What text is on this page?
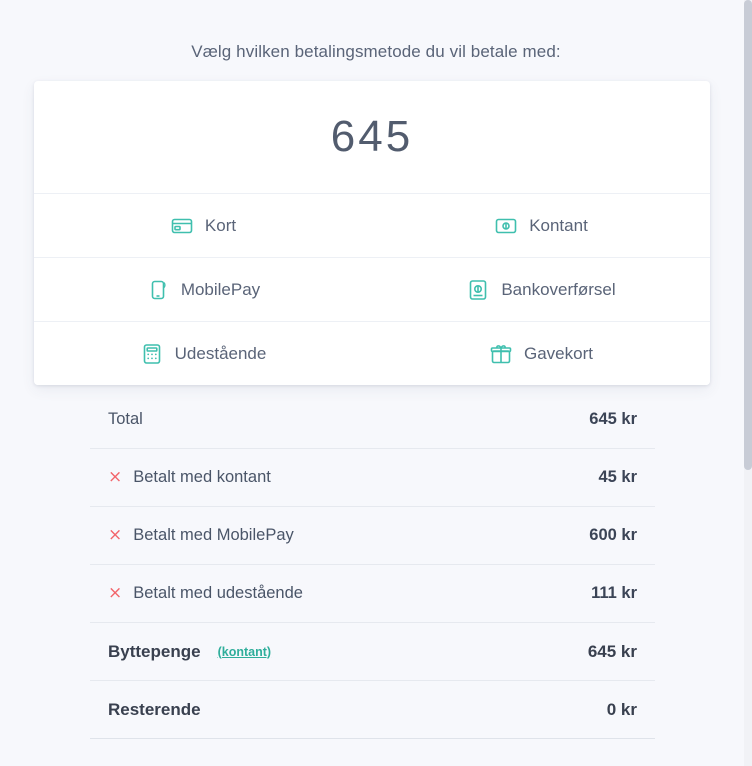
Vælg hvilken betalingsmetode du vil betale med:
645
Kort	Kontant
MobilePay	Bankoverførsel
Udestående	Gavekort
Total	645 kr
× Betalt med kontant	45 kr
× Betalt med MobilePay	600 kr
× Betalt med udestående	111 kr
Byttepenge (kontant)	645 kr
Resterende	0 kr
